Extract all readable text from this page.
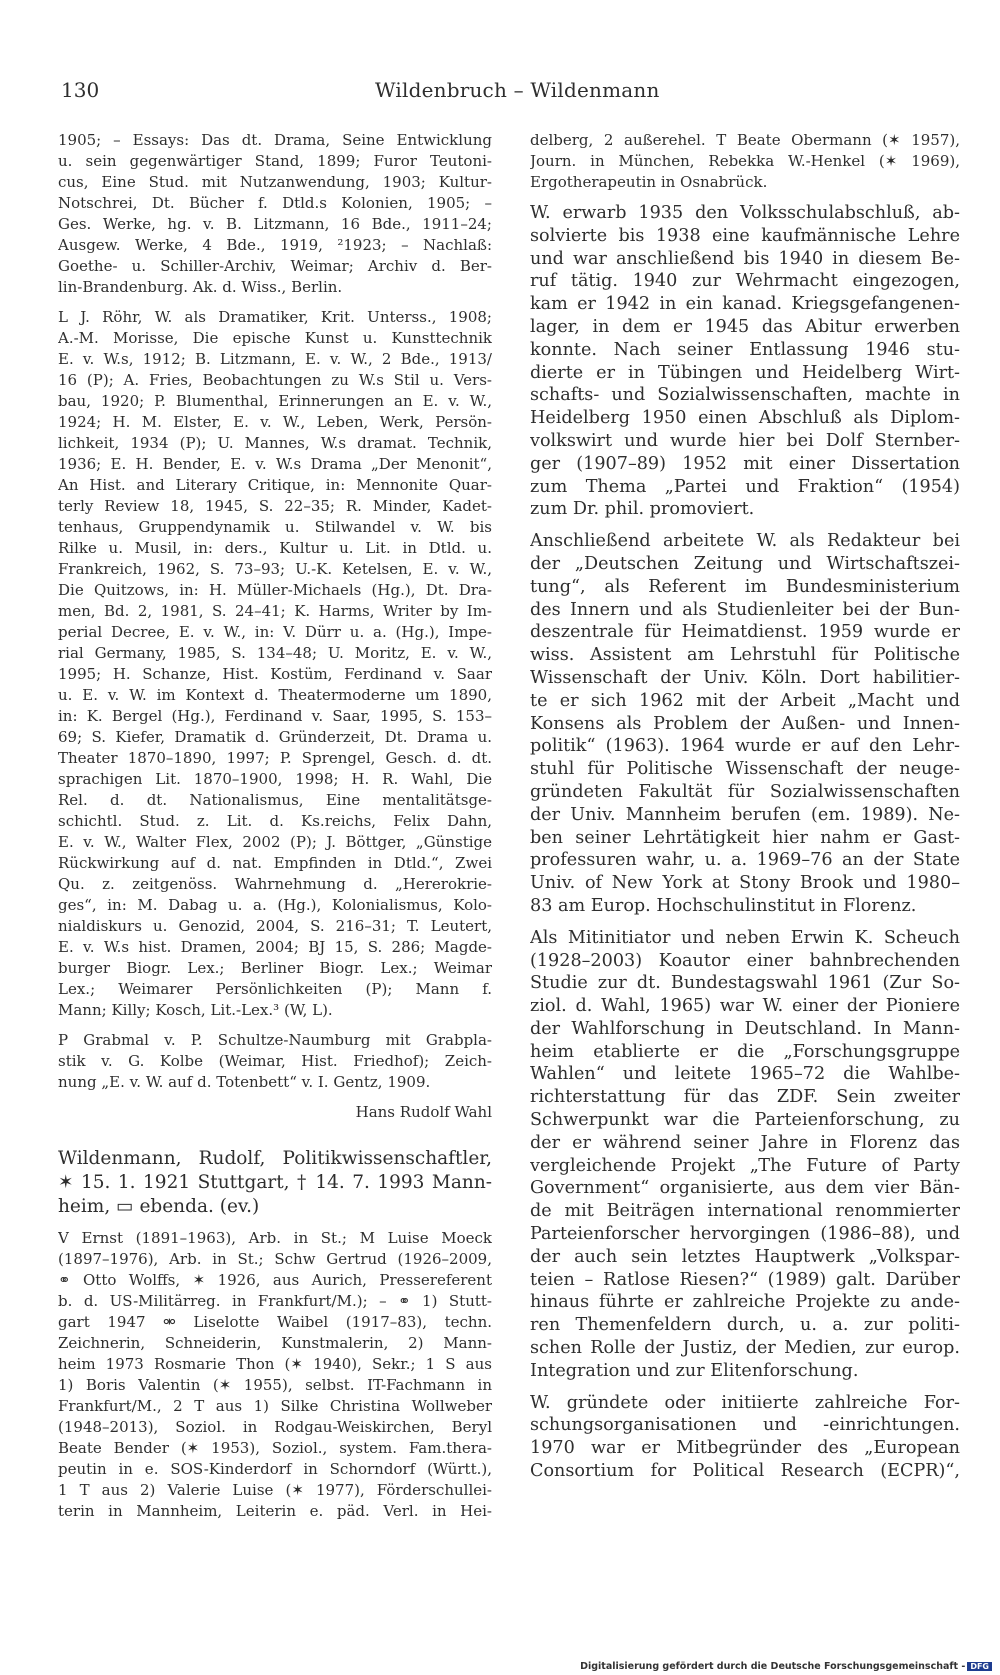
130	Wildenbruch – Wildenmann
1905; – Essays: Das dt. Drama, Seine Entwicklung
u. sein gegenwärtiger Stand, 1899; Furor Teutoni-
cus, Eine Stud. mit Nutzanwendung, 1903; Kultur-
Notschrei, Dt. Bücher f. Dtld.s Kolonien, 1905; –
Ges. Werke, hg. v. B. Litzmann, 16 Bde., 1911–24;
Ausgew. Werke, 4 Bde., 1919, ²1923; – Nachlaß:
Goethe- u. Schiller-Archiv, Weimar; Archiv d. Ber-
lin-Brandenburg. Ak. d. Wiss., Berlin.
L J. Röhr, W. als Dramatiker, Krit. Unterss., 1908;
A.-M. Morisse, Die epische Kunst u. Kunsttechnik
E. v. W.s, 1912; B. Litzmann, E. v. W., 2 Bde., 1913/
16 (P); A. Fries, Beobachtungen zu W.s Stil u. Vers-
bau, 1920; P. Blumenthal, Erinnerungen an E. v. W.,
1924; H. M. Elster, E. v. W., Leben, Werk, Persön-
lichkeit, 1934 (P); U. Mannes, W.s dramat. Technik,
1936; E. H. Bender, E. v. W.s Drama „Der Menonit“,
An Hist. and Literary Critique, in: Mennonite Quar-
terly Review 18, 1945, S. 22–35; R. Minder, Kadet-
tenhaus, Gruppendynamik u. Stilwandel v. W. bis
Rilke u. Musil, in: ders., Kultur u. Lit. in Dtld. u.
Frankreich, 1962, S. 73–93; U.-K. Ketelsen, E. v. W.,
Die Quitzows, in: H. Müller-Michaels (Hg.), Dt. Dra-
men, Bd. 2, 1981, S. 24–41; K. Harms, Writer by Im-
perial Decree, E. v. W., in: V. Dürr u. a. (Hg.), Impe-
rial Germany, 1985, S. 134–48; U. Moritz, E. v. W.,
1995; H. Schanze, Hist. Kostüm, Ferdinand v. Saar
u. E. v. W. im Kontext d. Theatermoderne um 1890,
in: K. Bergel (Hg.), Ferdinand v. Saar, 1995, S. 153–
69; S. Kiefer, Dramatik d. Gründerzeit, Dt. Drama u.
Theater 1870–1890, 1997; P. Sprengel, Gesch. d. dt.
sprachigen Lit. 1870–1900, 1998; H. R. Wahl, Die
Rel. d. dt. Nationalismus, Eine mentalitätsge-
schichtl. Stud. z. Lit. d. Ks.reichs, Felix Dahn,
E. v. W., Walter Flex, 2002 (P); J. Böttger, „Günstige
Rückwirkung auf d. nat. Empfinden in Dtld.“, Zwei
Qu. z. zeitgenöss. Wahrnehmung d. „Hererokrie-
ges“, in: M. Dabag u. a. (Hg.), Kolonialismus, Kolo-
nialdiskurs u. Genozid, 2004, S. 216–31; T. Leutert,
E. v. W.s hist. Dramen, 2004; BJ 15, S. 286; Magde-
burger Biogr. Lex.; Berliner Biogr. Lex.; Weimar
Lex.; Weimarer Persönlichkeiten (P); Mann f.
Mann; Killy; Kosch, Lit.-Lex.³ (W, L).
P Grabmal v. P. Schultze-Naumburg mit Grabpla-
stik v. G. Kolbe (Weimar, Hist. Friedhof); Zeich-
nung „E. v. W. auf d. Totenbett“ v. I. Gentz, 1909.
Hans Rudolf Wahl
Wildenmann, Rudolf, Politikwissenschaftler,
✶ 15. 1. 1921 Stuttgart, † 14. 7. 1993 Mann-
heim, ▭ ebenda. (ev.)
V Ernst (1891–1963), Arb. in St.; M Luise Moeck
(1897–1976), Arb. in St.; Schw Gertrud (1926–2009,
⚭ Otto Wolffs, ✶ 1926, aus Aurich, Pressereferent
b. d. US-Militärreg. in Frankfurt/M.); – ⚭ 1) Stutt-
gart 1947 ⚮ Liselotte Waibel (1917–83), techn.
Zeichnerin, Schneiderin, Kunstmalerin, 2) Mann-
heim 1973 Rosmarie Thon (✶ 1940), Sekr.; 1 S aus
1) Boris Valentin (✶ 1955), selbst. IT-Fachmann in
Frankfurt/M., 2 T aus 1) Silke Christina Wollweber
(1948–2013), Soziol. in Rodgau-Weiskirchen, Beryl
Beate Bender (✶ 1953), Soziol., system. Fam.thera-
peutin in e. SOS-Kinderdorf in Schorndorf (Württ.),
1 T aus 2) Valerie Luise (✶ 1977), Förderschullei-
terin in Mannheim, Leiterin e. päd. Verl. in Hei-
delberg, 2 außerehel. T Beate Obermann (✶ 1957),
Journ. in München, Rebekka W.-Henkel (✶ 1969),
Ergotherapeutin in Osnabrück.
W. erwarb 1935 den Volksschulabschluß, ab-
solvierte bis 1938 eine kaufmännische Lehre
und war anschließend bis 1940 in diesem Be-
ruf tätig. 1940 zur Wehrmacht eingezogen,
kam er 1942 in ein kanad. Kriegsgefangenen-
lager, in dem er 1945 das Abitur erwerben
konnte. Nach seiner Entlassung 1946 stu-
dierte er in Tübingen und Heidelberg Wirt-
schafts- und Sozialwissenschaften, machte in
Heidelberg 1950 einen Abschluß als Diplom-
volkswirt und wurde hier bei Dolf Sternber-
ger (1907–89) 1952 mit einer Dissertation
zum Thema „Partei und Fraktion“ (1954)
zum Dr. phil. promoviert.
Anschließend arbeitete W. als Redakteur bei
der „Deutschen Zeitung und Wirtschaftszei-
tung“, als Referent im Bundesministerium
des Innern und als Studienleiter bei der Bun-
deszentrale für Heimatdienst. 1959 wurde er
wiss. Assistent am Lehrstuhl für Politische
Wissenschaft der Univ. Köln. Dort habilitier-
te er sich 1962 mit der Arbeit „Macht und
Konsens als Problem der Außen- und Innen-
politik“ (1963). 1964 wurde er auf den Lehr-
stuhl für Politische Wissenschaft der neuge-
gründeten Fakultät für Sozialwissenschaften
der Univ. Mannheim berufen (em. 1989). Ne-
ben seiner Lehrtätigkeit hier nahm er Gast-
professuren wahr, u. a. 1969–76 an der State
Univ. of New York at Stony Brook und 1980–
83 am Europ. Hochschulinstitut in Florenz.
Als Mitinitiator und neben Erwin K. Scheuch
(1928–2003) Koautor einer bahnbrechenden
Studie zur dt. Bundestagswahl 1961 (Zur So-
ziol. d. Wahl, 1965) war W. einer der Pioniere
der Wahlforschung in Deutschland. In Mann-
heim etablierte er die „Forschungsgruppe
Wahlen“ und leitete 1965–72 die Wahlbe-
richterstattung für das ZDF. Sein zweiter
Schwerpunkt war die Parteienforschung, zu
der er während seiner Jahre in Florenz das
vergleichende Projekt „The Future of Party
Government“ organisierte, aus dem vier Bän-
de mit Beiträgen international renommierter
Parteienforscher hervorgingen (1986–88), und
der auch sein letztes Hauptwerk „Volkspar-
teien – Ratlose Riesen?“ (1989) galt. Darüber
hinaus führte er zahlreiche Projekte zu ande-
ren Themenfeldern durch, u. a. zur politi-
schen Rolle der Justiz, der Medien, zur europ.
Integration und zur Elitenforschung.
W. gründete oder initiierte zahlreiche For-
schungsorganisationen und -einrichtungen.
1970 war er Mitbegründer des „European
Consortium for Political Research (ECPR)“,
Digitalisierung gefördert durch die Deutsche Forschungsgemeinschaft - DFG
